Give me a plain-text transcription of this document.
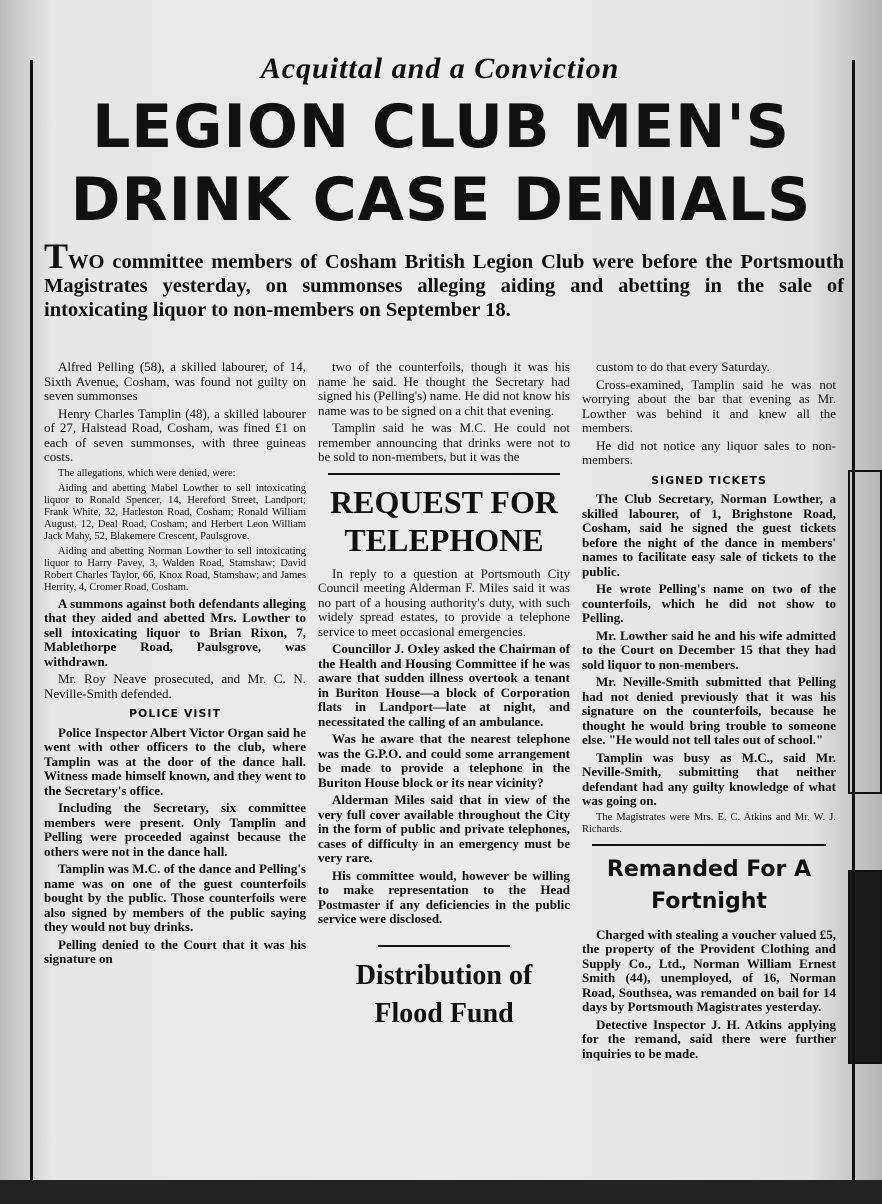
Acquittal and a Conviction
LEGION CLUB MEN'S
DRINK CASE DENIALS
TWO committee members of Cosham British Legion Club were before the Portsmouth Magistrates yesterday, on summonses alleging aiding and abetting in the sale of intoxicating liquor to non-members on September 18.

Alfred Pelling (58), a skilled labourer, of 14, Sixth Avenue, Cosham, was found not guilty on seven summonses

Henry Charles Tamplin (48), a skilled labourer of 27, Halstead Road, Cosham, was fined £1 on each of seven summonses, with three guineas costs.

The allegations, which were denied, were:

Aiding and abetting Mabel Lowther to sell intoxicating liquor to Ronald Spencer, 14, Hereford Street, Landport; Frank White, 32, Harleston Road, Cosham; Ronald William August, 12, Deal Road, Cosham; and Herbert Leon William Jack Mahy, 52, Blakemere Crescent, Paulsgrove.

Aiding and abetting Norman Lowther to sell intoxicating liquor to Harry Pavey, 3, Walden Road, Stamshaw; David Robert Charles Taylor, 66, Knox Road, Stamshaw; and James Herrity, 4, Cromer Road, Cosham.

A summons against both defendants alleging that they aided and abetted Mrs. Lowther to sell intoxicating liquor to Brian Rixon, 7, Mablethorpe Road, Paulsgrove, was withdrawn.

Mr. Roy Neave prosecuted, and Mr. C. N. Neville-Smith defended.

POLICE VISIT

Police Inspector Albert Victor Organ said he went with other officers to the club, where Tamplin was at the door of the dance hall. Witness made himself known, and they went to the Secretary's office.

Including the Secretary, six committee members were present. Only Tamplin and Pelling were proceeded against because the others were not in the dance hall.

Tamplin was M.C. of the dance and Pelling's name was on one of the guest counterfoils bought by the public. Those counterfoils were also signed by members of the public saying they would not buy drinks.

Pelling denied to the Court that it was his signature on

two of the counterfoils, though it was his name he said. He thought the Secretary had signed his (Pelling's) name. He did not know his name was to be signed on a chit that evening.

Tamplin said he was M.C. He could not remember announcing that drinks were not to be sold to non-members, but it was the

REQUEST FOR TELEPHONE

In reply to a question at Portsmouth City Council meeting Alderman F. Miles said it was no part of a housing authority's duty, with such widely spread estates, to provide a telephone service to meet occasional emergencies.

Councillor J. Oxley asked the Chairman of the Health and Housing Committee if he was aware that sudden illness overtook a tenant in Buriton House—a block of Corporation flats in Landport—late at night, and necessitated the calling of an ambulance.

Was he aware that the nearest telephone was the G.P.O. and could some arrangement be made to provide a telephone in the Buriton House block or its near vicinity?

Alderman Miles said that in view of the very full cover available throughout the City in the form of public and private telephones, cases of difficulty in an emergency must be very rare.

His committee would, however be willing to make representation to the Head Postmaster if any deficiencies in the public service were disclosed.

Distribution of Flood Fund

custom to do that every Saturday.

Cross-examined, Tamplin said he was not worrying about the bar that evening as Mr. Lowther was behind it and knew all the members.

He did not notice any liquor sales to non-members.

SIGNED TICKETS

The Club Secretary, Norman Lowther, a skilled labourer, of 1, Brighstone Road, Cosham, said he signed the guest tickets before the night of the dance in members' names to facilitate easy sale of tickets to the public.

He wrote Pelling's name on two of the counterfoils, which he did not show to Pelling.

Mr. Lowther said he and his wife admitted to the Court on December 15 that they had sold liquor to non-members.

Mr. Neville-Smith submitted that Pelling had not denied previously that it was his signature on the counterfoils, because he thought he would bring trouble to someone else. "He would not tell tales out of school."

Tamplin was busy as M.C., said Mr. Neville-Smith, submitting that neither defendant had any guilty knowledge of what was going on.

The Magistrates were Mrs. E. C. Atkins and Mr. W. J. Richards.

Remanded For A Fortnight

Charged with stealing a voucher valued £5, the property of the Provident Clothing and Supply Co., Ltd., Norman William Ernest Smith (44), unemployed, of 16, Norman Road, Southsea, was remanded on bail for 14 days by Portsmouth Magistrates yesterday.

Detective Inspector J. H. Atkins applying for the remand, said there were further inquiries to be made.
